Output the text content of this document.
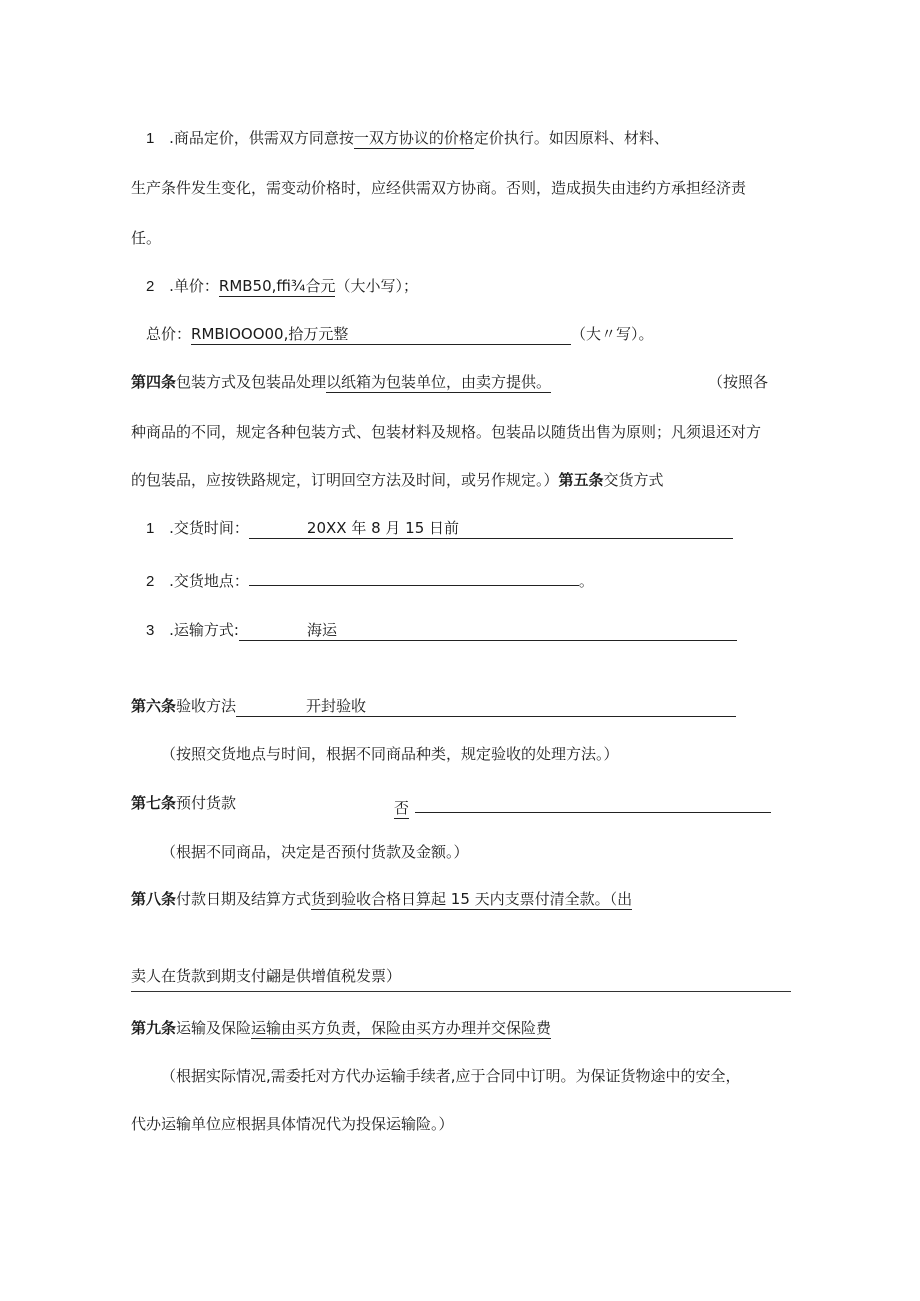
1 .商品定价，供需双方同意按一双方协议的价格定价执行。如因原料、材料、
生产条件发生变化，需变动价格时，应经供需双方协商。否则，造成损失由违约方承担经济责
任。
2 .单价：RMB50,ffi¾合元（大小写）；
总价：RMBIOOO00,拾万元整	（大〃写）。
第四条包装方式及包装品处理以纸箱为包装单位，由卖方提供。	（按照各
种商品的不同，规定各种包装方式、包装材料及规格。包装品以随货出售为原则；凡须退还对方
的包装品，应按铁路规定，订明回空方法及时间，或另作规定。）第五条交货方式
1 .交货时间：	20XX 年 8 月 15 日前
2 .交货地点：	。
3 .运输方式:	海运
第六条验收方法	开封验收
（按照交货地点与时间，根据不同商品种类，规定验收的处理方法。）
第七条预付货款	否
（根据不同商品，决定是否预付货款及金额。）
第八条付款日期及结算方式货到验收合格日算起 15 天内支票付清全款。（出
卖人在货款到期支付翩是供增值税发票）
第九条运输及保险运输由买方负责，保险由买方办理并交保险费
（根据实际情况,需委托对方代办运输手续者,应于合同中订明。为保证货物途中的安全，
代办运输单位应根据具体情况代为投保运输险。）
